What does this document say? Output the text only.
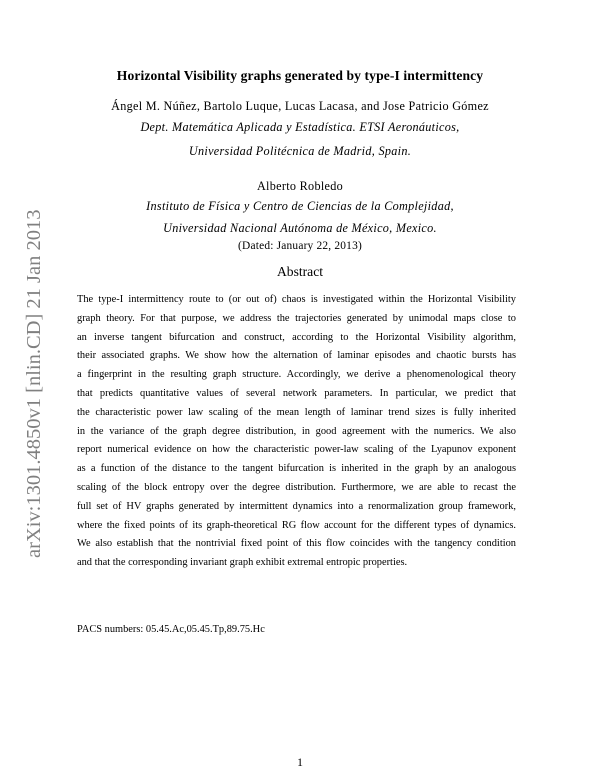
arXiv:1301.4850v1 [nlin.CD] 21 Jan 2013
Horizontal Visibility graphs generated by type-I intermittency
Ángel M. Núñez, Bartolo Luque, Lucas Lacasa, and Jose Patricio Gómez
Dept. Matemática Aplicada y Estadística. ETSI Aeronáuticos,
Universidad Politécnica de Madrid, Spain.
Alberto Robledo
Instituto de Física y Centro de Ciencias de la Complejidad,
Universidad Nacional Autónoma de México, Mexico.
(Dated: January 22, 2013)
Abstract
The type-I intermittency route to (or out of) chaos is investigated within the Horizontal Visibility
graph theory. For that purpose, we address the trajectories generated by unimodal maps close to
an inverse tangent bifurcation and construct, according to the Horizontal Visibility algorithm,
their associated graphs. We show how the alternation of laminar episodes and chaotic bursts has
a fingerprint in the resulting graph structure. Accordingly, we derive a phenomenological theory
that predicts quantitative values of several network parameters. In particular, we predict that
the characteristic power law scaling of the mean length of laminar trend sizes is fully inherited
in the variance of the graph degree distribution, in good agreement with the numerics. We also
report numerical evidence on how the characteristic power-law scaling of the Lyapunov exponent
as a function of the distance to the tangent bifurcation is inherited in the graph by an analogous
scaling of the block entropy over the degree distribution. Furthermore, we are able to recast the
full set of HV graphs generated by intermittent dynamics into a renormalization group framework,
where the fixed points of its graph-theoretical RG flow account for the different types of dynamics.
We also establish that the nontrivial fixed point of this flow coincides with the tangency condition
and that the corresponding invariant graph exhibit extremal entropic properties.
PACS numbers: 05.45.Ac,05.45.Tp,89.75.Hc
1
